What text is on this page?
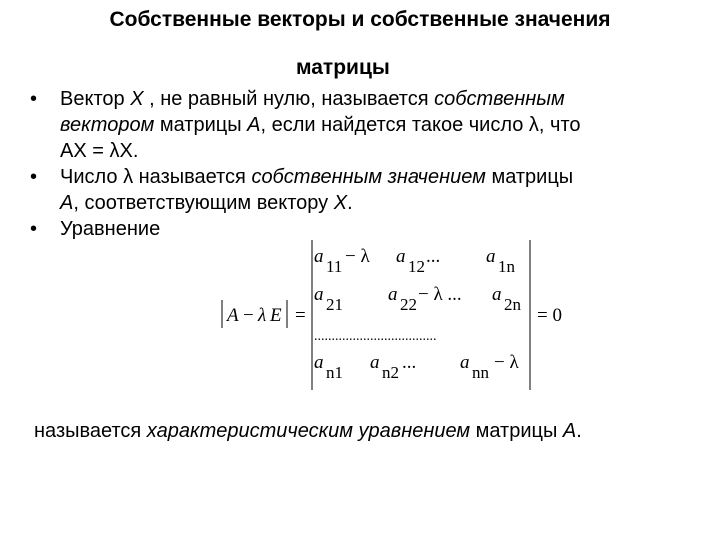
Собственные векторы и собственные значения
матрицы
• Вектор X , не равный нулю, называется собственным
вектором матрицы А, если найдется такое число λ, что
AX = λX.
• Число λ называется собственным значением матрицы
А, соответствующим вектору X.
• Уравнение
A − λ E =
a 11 − λ a 12 ... a 1n
a 21 a 22 − λ ... a 2n
= 0
...................................
a n1 a n2 ... a nn − λ
называется характеристическим уравнением матрицы А.
